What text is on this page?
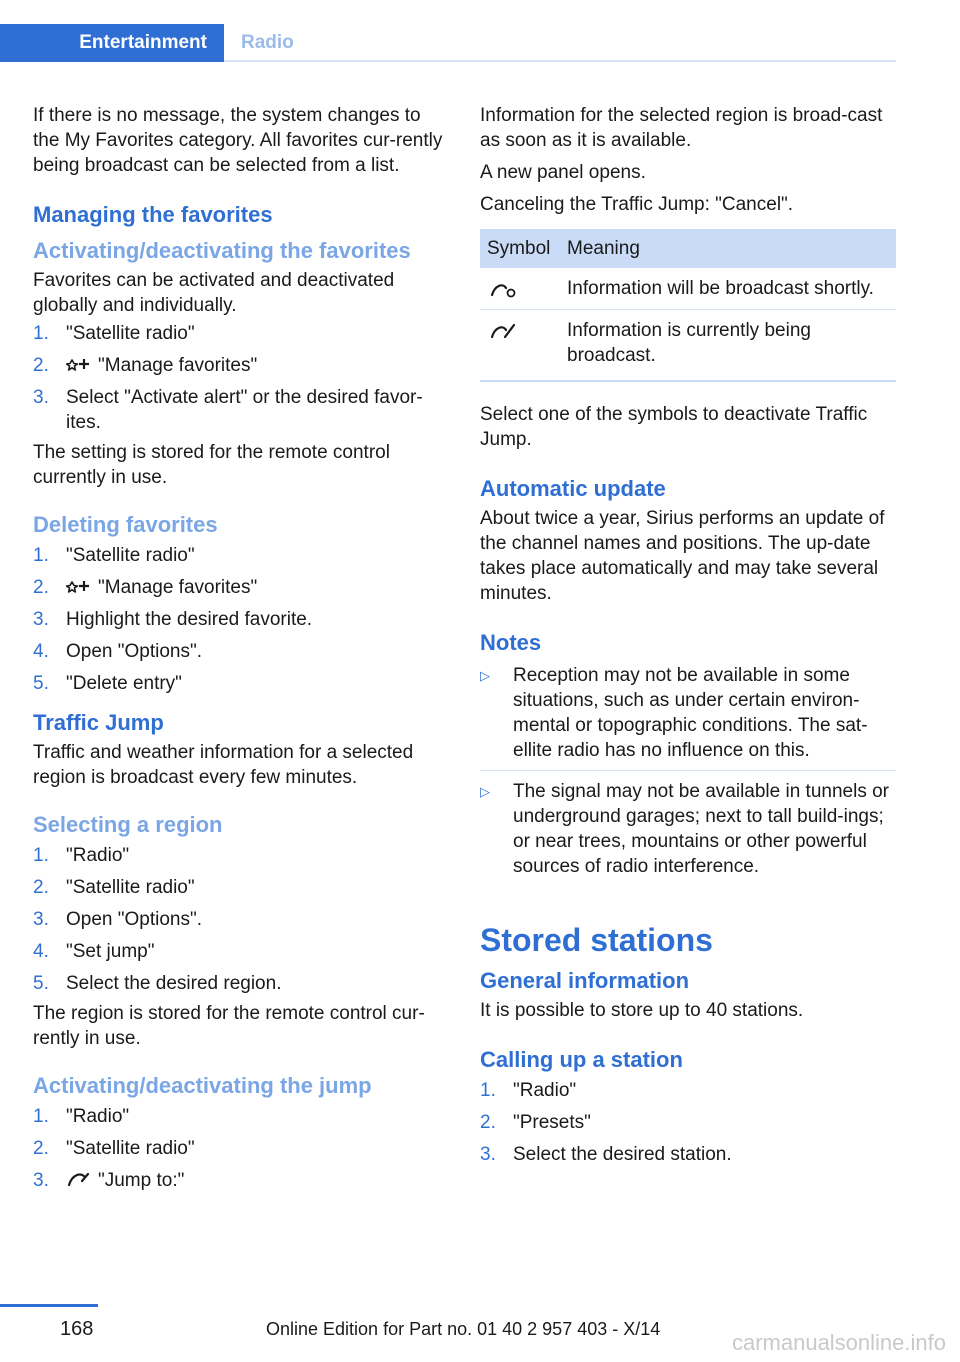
Entertainment	Radio

If there is no message, the system changes to the My Favorites category. All favorites cur-rently being broadcast can be selected from a list.

Managing the favorites
Activating/deactivating the favorites

Favorites can be activated and deactivated globally and individually.

1. "Satellite radio"
2.	"Manage favorites"
3. Select "Activate alert" or the desired favor-ites.

The setting is stored for the remote control currently in use.

Deleting favorites
1. "Satellite radio"
2.	"Manage favorites"
3. Highlight the desired favorite.
4. Open "Options".
5. "Delete entry"
Traffic Jump

Traffic and weather information for a selected region is broadcast every few minutes.

Selecting a region
1. "Radio"
2. "Satellite radio"
3. Open "Options".
4. "Set jump"
5. Select the desired region.

The region is stored for the remote control cur-rently in use.

Activating/deactivating the jump
1. "Radio"
2. "Satellite radio"
3.	"Jump to:"

Information for the selected region is broad-cast as soon as it is available.

A new panel opens.

Canceling the Traffic Jump: "Cancel".

Symbol	Meaning

	Information will be broadcast shortly.

	Information is currently being broadcast.

Select one of the symbols to deactivate Traffic Jump.

Automatic update

About twice a year, Sirius performs an update of the channel names and positions. The up-date takes place automatically and may take several minutes.

Notes
▷ Reception may not be available in some situations, such as under certain environ-mental or topographic conditions. The sat-ellite radio has no influence on this.
▷ The signal may not be available in tunnels or underground garages; next to tall build-ings; or near trees, mountains or other powerful sources of radio interference.
Stored stations
General information

It is possible to store up to 40 stations.

Calling up a station
1. "Radio"
2. "Presets"
3. Select the desired station.
168	Online Edition for Part no. 01 40 2 957 403 - X/14
carmanualsonline.info
